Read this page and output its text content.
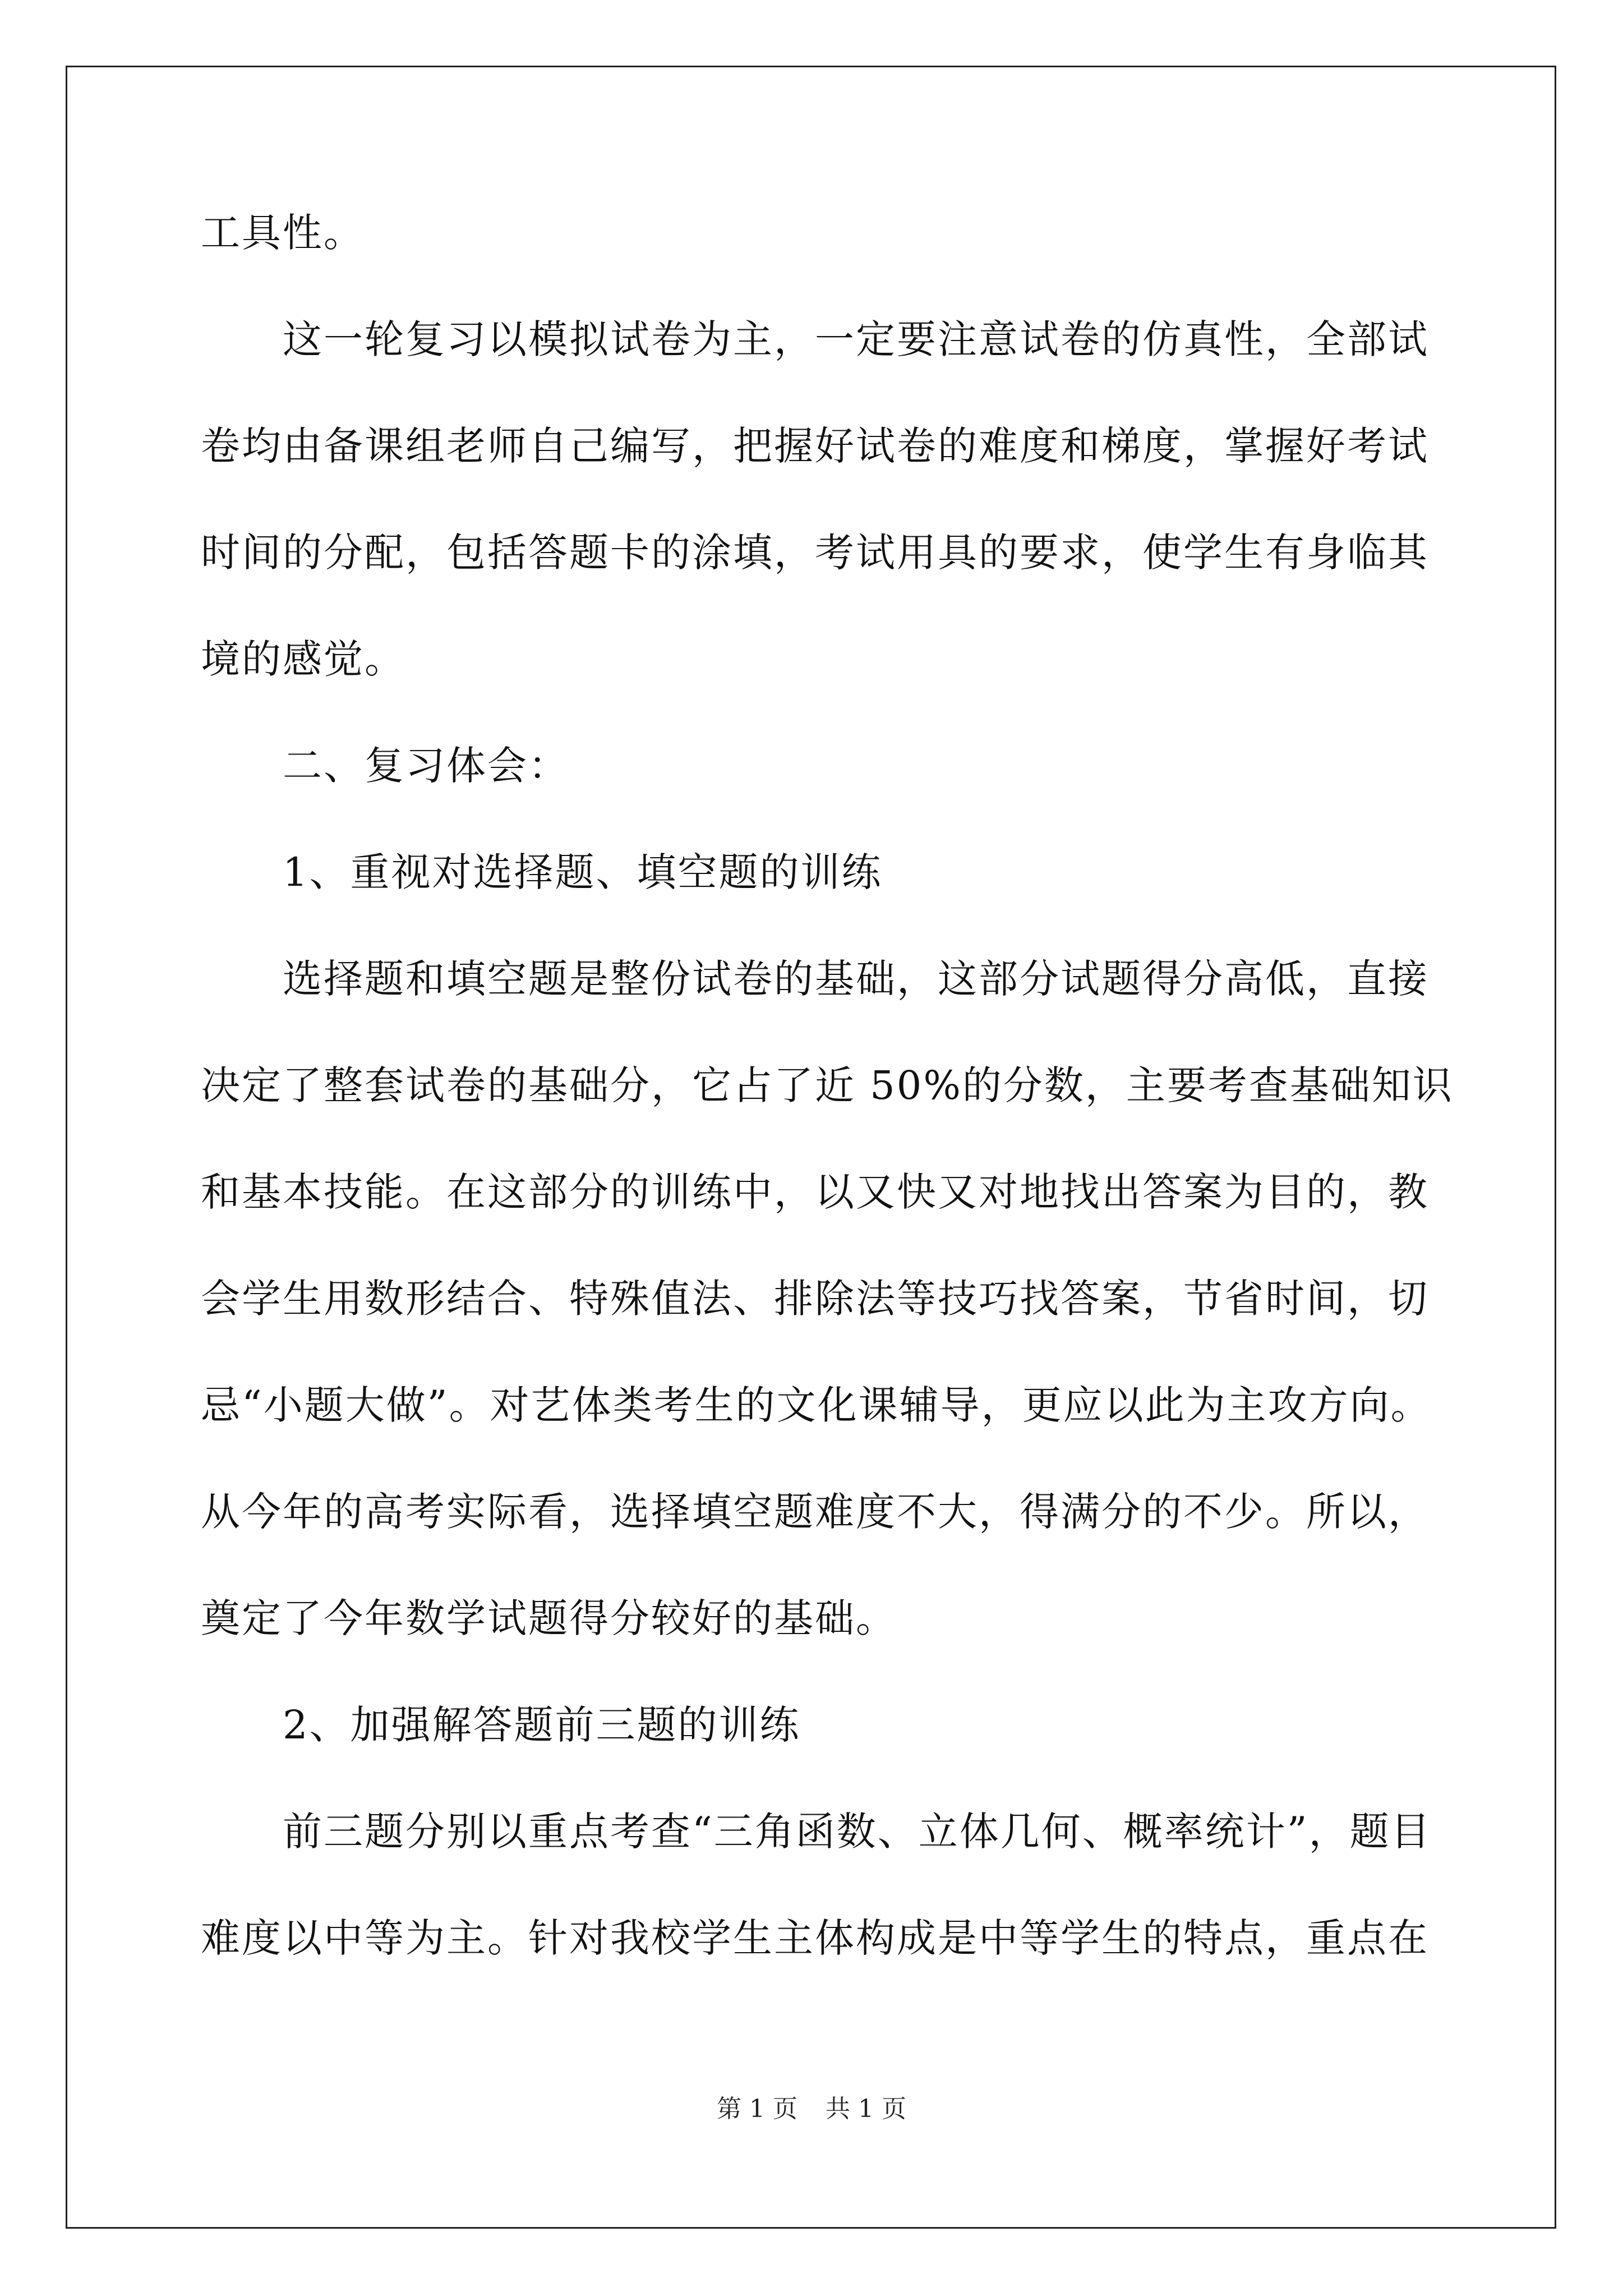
工具性。
这一轮复习以模拟试卷为主，一定要注意试卷的仿真性，全部试
卷均由备课组老师自己编写，把握好试卷的难度和梯度，掌握好考试
时间的分配，包括答题卡的涂填，考试用具的要求，使学生有身临其
境的感觉。
二、复习体会：
1、重视对选择题、填空题的训练
选择题和填空题是整份试卷的基础，这部分试题得分高低，直接
决定了整套试卷的基础分，它占了近 50%的分数，主要考查基础知识
和基本技能。在这部分的训练中，以又快又对地找出答案为目的，教
会学生用数形结合、特殊值法、排除法等技巧找答案，节省时间，切
忌“小题大做”。对艺体类考生的文化课辅导，更应以此为主攻方向。
从今年的高考实际看，选择填空题难度不大，得满分的不少。所以，
奠定了今年数学试题得分较好的基础。
2、加强解答题前三题的训练
前三题分别以重点考查“三角函数、立体几何、概率统计”，题目
难度以中等为主。针对我校学生主体构成是中等学生的特点，重点在
第 1 页 共 1 页
